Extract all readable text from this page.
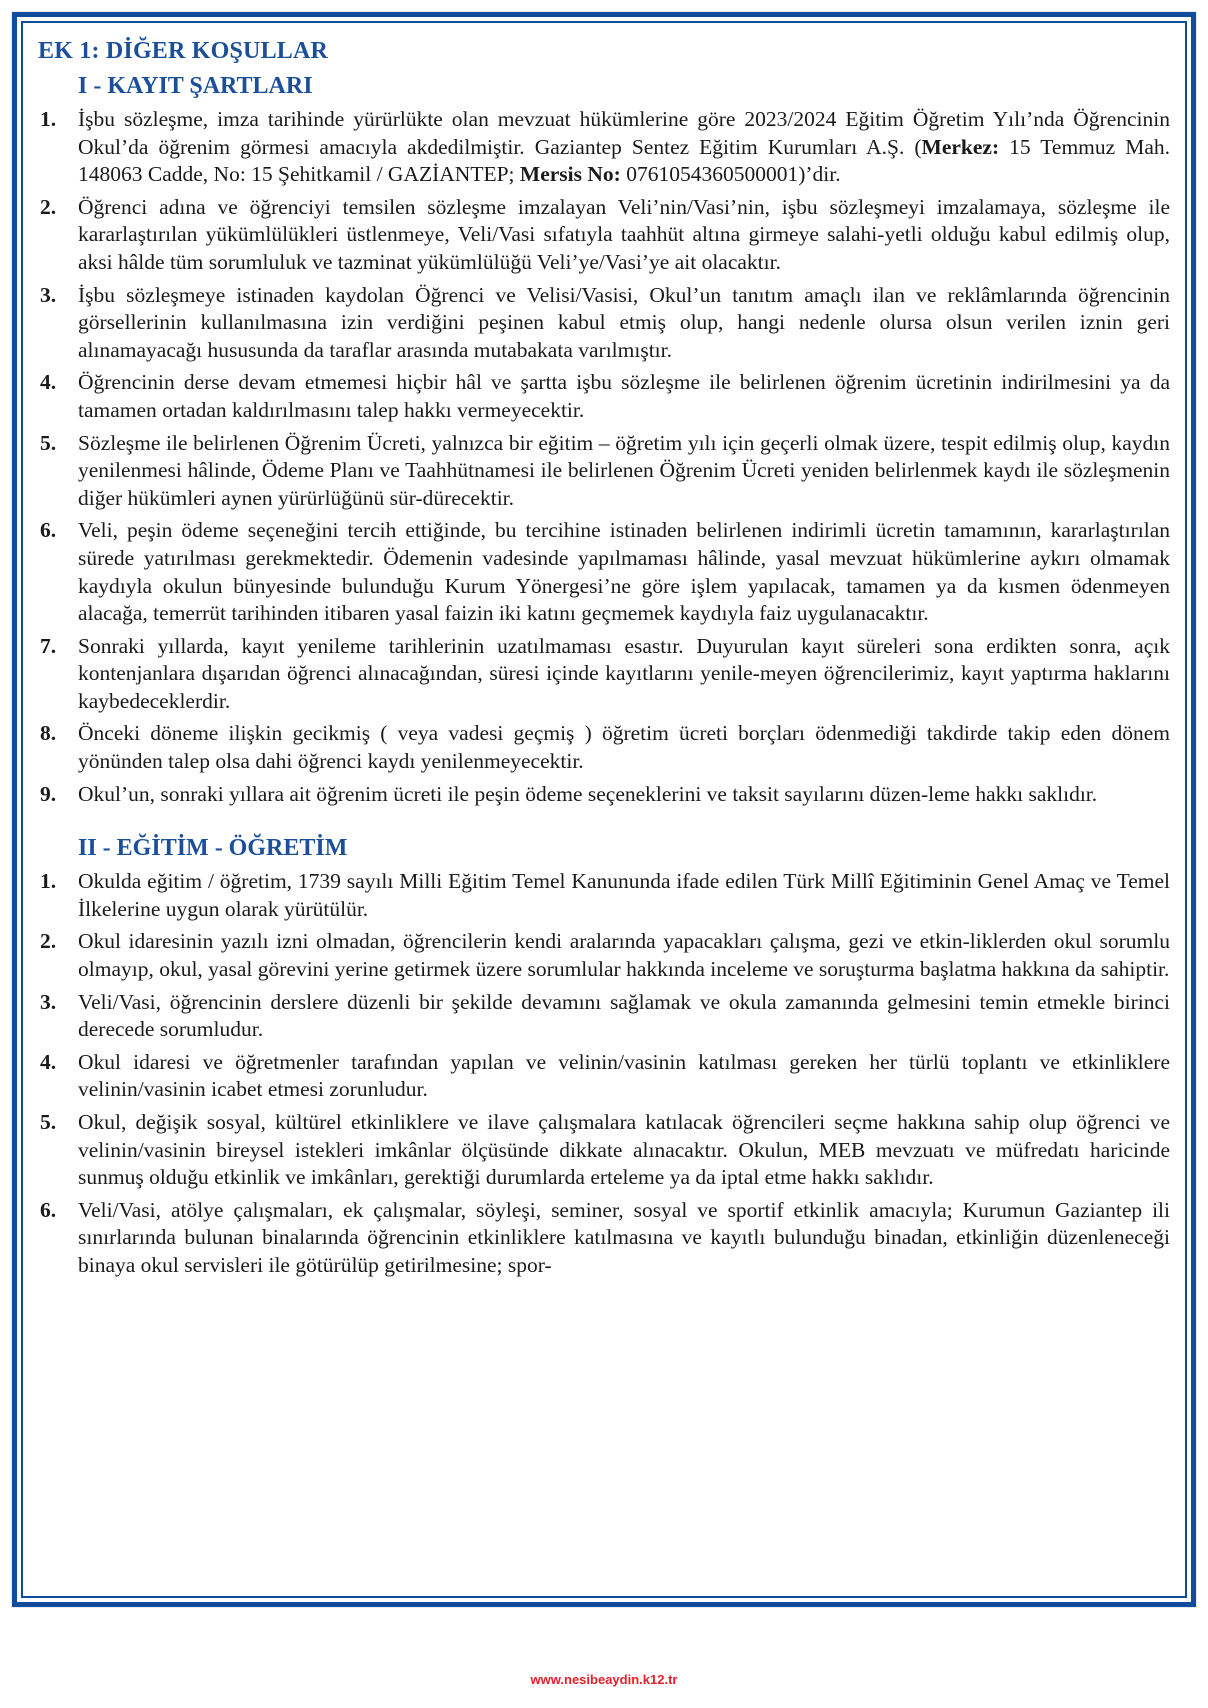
EK 1: DİĞER KOŞULLAR
I - KAYIT ŞARTLARI
1. İşbu sözleşme, imza tarihinde yürürlükte olan mevzuat hükümlerine göre 2023/2024 Eğitim Öğretim Yılı’nda Öğrencinin Okul’da öğrenim görmesi amacıyla akdedilmiştir. Gaziantep Sentez Eğitim Kurumları A.Ş. (Merkez: 15 Temmuz Mah. 148063 Cadde, No: 15 Şehitkamil / GAZİANTEP; Mersis No: 0761054360500001)’dir.
2. Öğrenci adına ve öğrenciyi temsilen sözleşme imzalayan Veli’nin/Vasi’nin, işbu sözleşmeyi imzalamaya, sözleşme ile kararlaştırılan yükümlülükleri üstlenmeye, Veli/Vasi sıfatıyla taahhüt altına girmeye salahi-yetli olduğu kabul edilmiş olup, aksi hâlde tüm sorumluluk ve tazminat yükümlülüğü Veli’ye/Vasi’ye ait olacaktır.
3. İşbu sözleşmeye istinaden kaydolan Öğrenci ve Velisi/Vasisi, Okul’un tanıtım amaçlı ilan ve reklâmlarında öğrencinin görsellerinin kullanılmasına izin verdiğini peşinen kabul etmiş olup, hangi nedenle olursa olsun verilen iznin geri alınamayacağı hususunda da taraflar arasında mutabakata varılmıştır.
4. Öğrencinin derse devam etmemesi hiçbir hâl ve şartta işbu sözleşme ile belirlenen öğrenim ücretinin indirilmesini ya da tamamen ortadan kaldırılmasını talep hakkı vermeyecektir.
5. Sözleşme ile belirlenen Öğrenim Ücreti, yalnızca bir eğitim – öğretim yılı için geçerli olmak üzere, tespit edilmiş olup, kaydın yenilenmesi hâlinde, Ödeme Planı ve Taahhütnamesi ile belirlenen Öğrenim Ücreti yeniden belirlenmek kaydı ile sözleşmenin diğer hükümleri aynen yürürlüğünü sür-dürecektir.
6. Veli, peşin ödeme seçeneğini tercih ettiğinde, bu tercihine istinaden belirlenen indirimli ücretin tamamının, kararlaştırılan sürede yatırılması gerekmektedir. Ödemenin vadesinde yapılmaması hâlinde, yasal mevzuat hükümlerine aykırı olmamak kaydıyla okulun bünyesinde bulunduğu Kurum Yönergesi’ne göre işlem yapılacak, tamamen ya da kısmen ödenmeyen alacağa, temerrüt tarihinden itibaren yasal faizin iki katını geçmemek kaydıyla faiz uygulanacaktır.
7. Sonraki yıllarda, kayıt yenileme tarihlerinin uzatılmaması esastır. Duyurulan kayıt süreleri sona erdikten sonra, açık kontenjanlara dışarıdan öğrenci alınacağından, süresi içinde kayıtlarını yenile-meyen öğrencilerimiz, kayıt yaptırma haklarını kaybedeceklerdir.
8. Önceki döneme ilişkin gecikmiş ( veya vadesi geçmiş ) öğretim ücreti borçları ödenmediği takdirde takip eden dönem yönünden talep olsa dahi öğrenci kaydı yenilenmeyecektir.
9. Okul’un, sonraki yıllara ait öğrenim ücreti ile peşin ödeme seçeneklerini ve taksit sayılarını düzen-leme hakkı saklıdır.
II - EĞİTİM - ÖĞRETİM
1. Okulda eğitim / öğretim, 1739 sayılı Milli Eğitim Temel Kanununda ifade edilen Türk Millî Eğitiminin Genel Amaç ve Temel İlkelerine uygun olarak yürütülür.
2. Okul idaresinin yazılı izni olmadan, öğrencilerin kendi aralarında yapacakları çalışma, gezi ve etkin-liklerden okul sorumlu olmayıp, okul, yasal görevini yerine getirmek üzere sorumlular hakkında inceleme ve soruşturma başlatma hakkına da sahiptir.
3. Veli/Vasi, öğrencinin derslere düzenli bir şekilde devamını sağlamak ve okula zamanında gelmesini temin etmekle birinci derecede sorumludur.
4. Okul idaresi ve öğretmenler tarafından yapılan ve velinin/vasinin katılması gereken her türlü toplantı ve etkinliklere velinin/vasinin icabet etmesi zorunludur.
5. Okul, değişik sosyal, kültürel etkinliklere ve ilave çalışmalara katılacak öğrencileri seçme hakkına sahip olup öğrenci ve velinin/vasinin bireysel istekleri imkânlar ölçüsünde dikkate alınacaktır. Okulun, MEB mevzuatı ve müfredatı haricinde sunmuş olduğu etkinlik ve imkânları, gerektiği durumlarda erteleme ya da iptal etme hakkı saklıdır.
6. Veli/Vasi, atölye çalışmaları, ek çalışmalar, söyleşi, seminer, sosyal ve sportif etkinlik amacıyla; Kurumun Gaziantep ili sınırlarında bulunan binalarında öğrencinin etkinliklere katılmasına ve kayıtlı bulunduğu binadan, etkinliğin düzenleneceği binaya okul servisleri ile götürülüp getirilmesine; spor-
www.nesibeaydin.k12.tr
